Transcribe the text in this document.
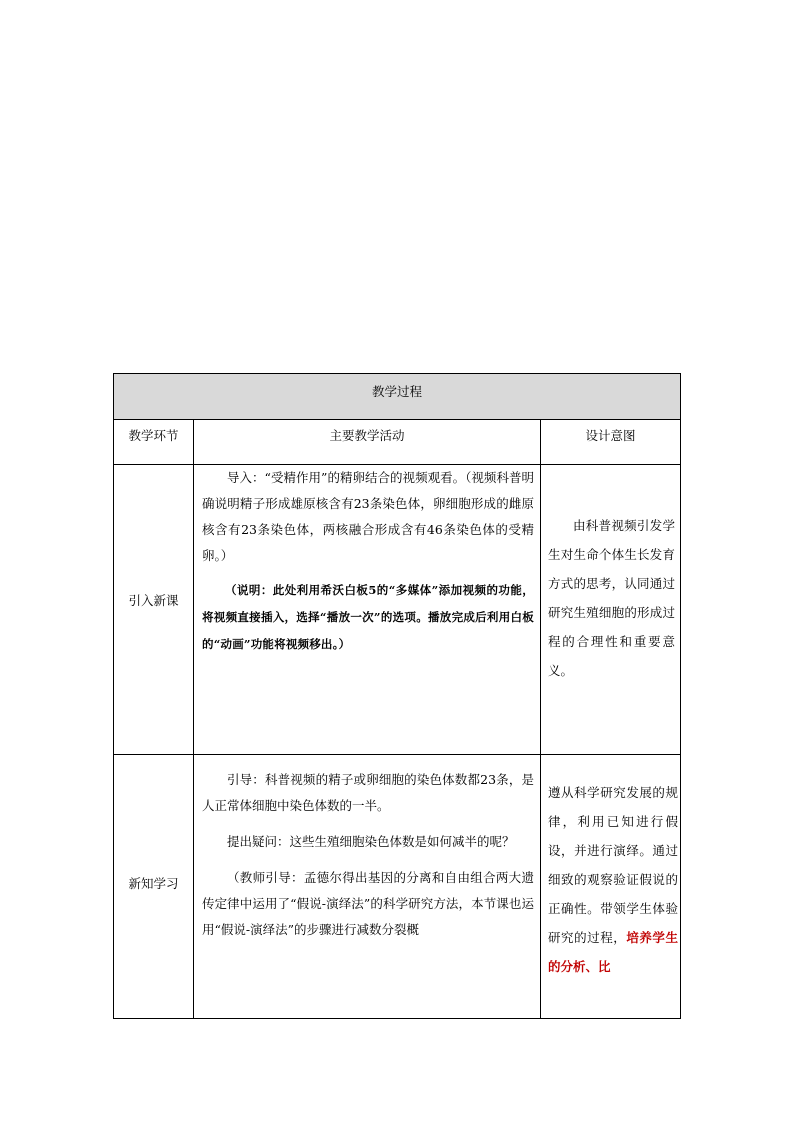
教学过程
教学环节	主要教学活动	设计意图
引入新课

导入：“受精作用”的精卵结合的视频观看。（视频科普明确说明精子形成雄原核含有23条染色体，卵细胞形成的雌原核含有23条染色体，两核融合形成含有46条染色体的受精卵。）

（说明：此处利用希沃白板5的“多媒体”添加视频的功能，将视频直接插入，选择“播放一次”的选项。播放完成后利用白板的“动画”功能将视频移出。）

由科普视频引发学生对生命个体生长发育方式的思考，认同通过研究生殖细胞的形成过程的合理性和重要意义。

新知学习

引导：科普视频的精子或卵细胞的染色体数都23条，是人正常体细胞中染色体数的一半。

提出疑问：这些生殖细胞染色体数是如何减半的呢？

（教师引导：孟德尔得出基因的分离和自由组合两大遗传定律中运用了“假说-演绎法”的科学研究方法，本节课也运用“假说-演绎法”的步骤进行减数分裂概

遵从科学研究发展的规律，利用已知进行假设，并进行演绎。通过细致的观察验证假说的正确性。带领学生体验研究的过程，培养学生的分析、比
